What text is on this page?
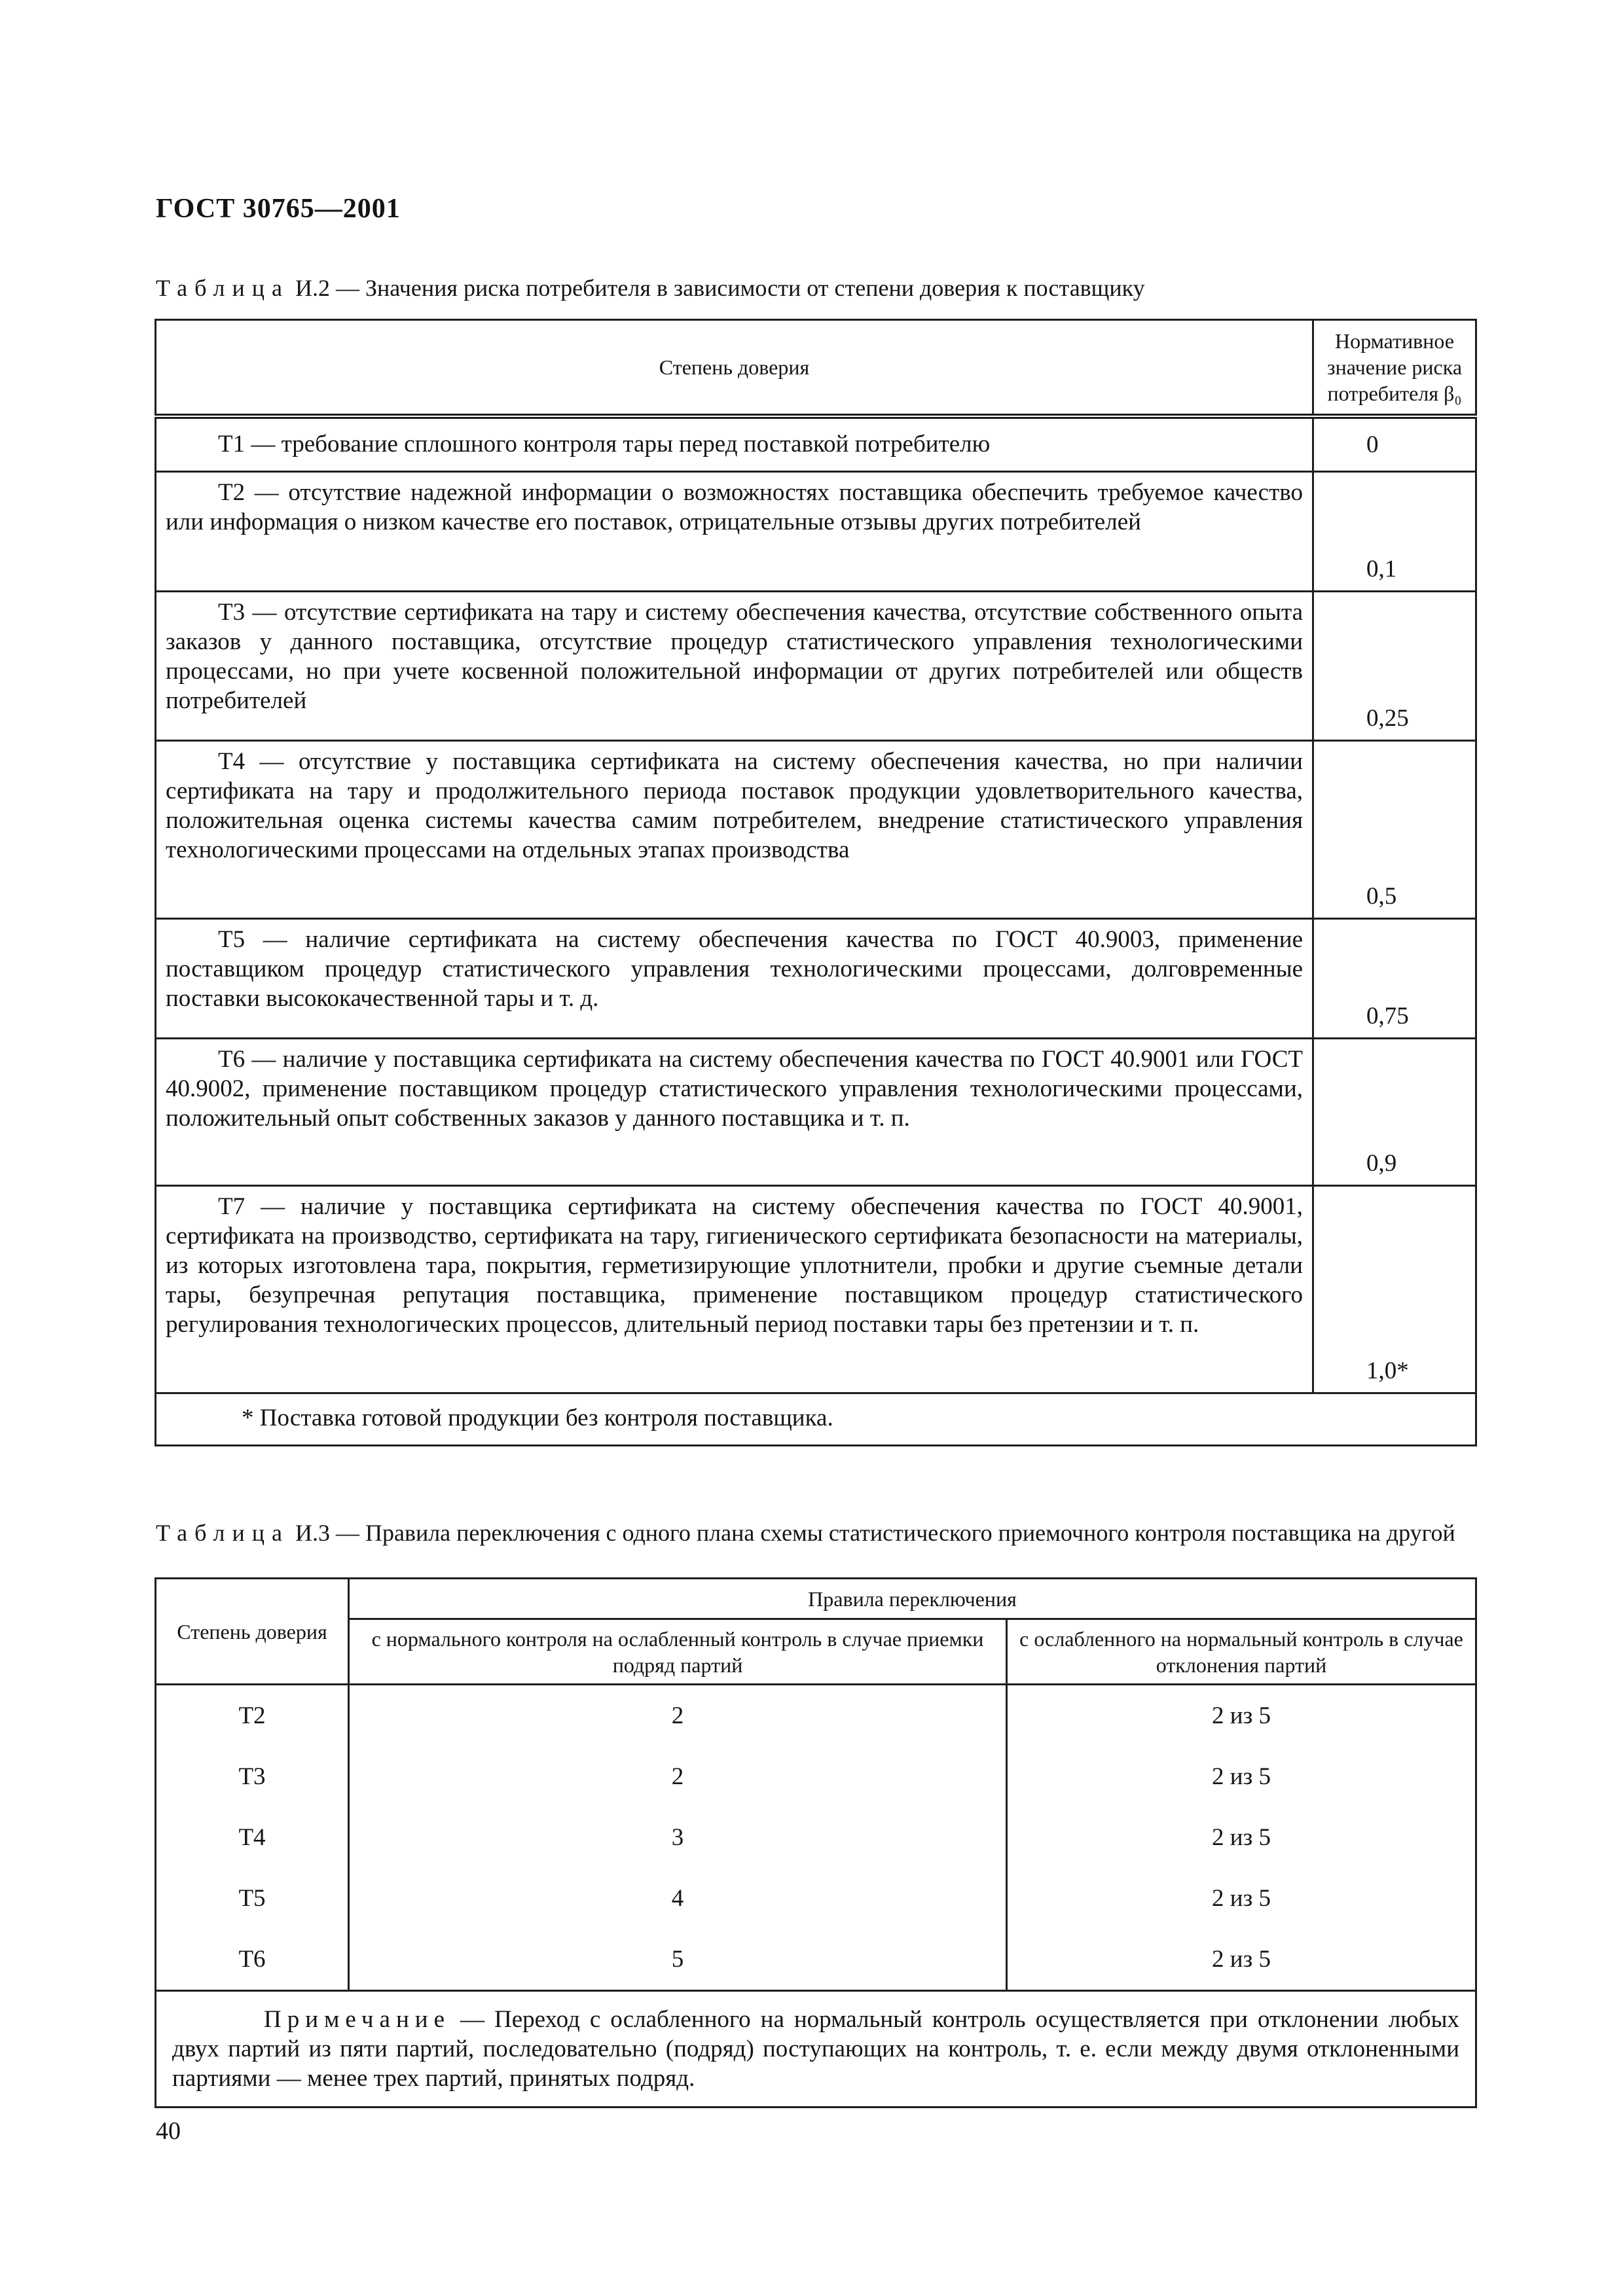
ГОСТ 30765—2001
Таблица И.2 — Значения риска потребителя в зависимости от степени доверия к поставщику
Степень доверия	Нормативное значение риска потребителя β₀
Т1 — требование сплошного контроля тары перед поставкой потребителю	0
Т2 — отсутствие надежной информации о возможностях поставщика обеспечить требуемое качество или информация о низком качестве его поставок, отрицательные отзывы других потребителей	0,1
Т3 — отсутствие сертификата на тару и систему обеспечения качества, отсутствие собственного опыта заказов у данного поставщика, отсутствие процедур статистического управления технологическими процессами, но при учете косвенной положительной информации от других потребителей или обществ потребителей	0,25
Т4 — отсутствие у поставщика сертификата на систему обеспечения качества, но при наличии сертификата на тару и продолжительного периода поставок продукции удовлетворительного качества, положительная оценка системы качества самим потребителем, внедрение статистического управления технологическими процессами на отдельных этапах производства	0,5
Т5 — наличие сертификата на систему обеспечения качества по ГОСТ 40.9003, применение поставщиком процедур статистического управления технологическими процессами, долговременные поставки высококачественной тары и т. д.	0,75
Т6 — наличие у поставщика сертификата на систему обеспечения качества по ГОСТ 40.9001 или ГОСТ 40.9002, применение поставщиком процедур статистического управления технологическими процессами, положительный опыт собственных заказов у данного поставщика и т. п.	0,9
Т7 — наличие у поставщика сертификата на систему обеспечения качества по ГОСТ 40.9001, сертификата на производство, сертификата на тару, гигиенического сертификата безопасности на материалы, из которых изготовлена тара, покрытия, герметизирующие уплотнители, пробки и другие съемные детали тары, безупречная репутация поставщика, применение поставщиком процедур статистического регулирования технологических процессов, длительный период поставки тары без претензии и т. п.	1,0*
* Поставка готовой продукции без контроля поставщика.	
Таблица И.3 — Правила переключения с одного плана схемы статистического приемочного контроля поставщика на другой
Степень доверия	Правила переключения	
	с нормального контроля на ослабленный контроль в случае приемки подряд партий	с ослабленного на нормальный контроль в случае отклонения партий
Т2	2	2 из 5
Т3	2	2 из 5
Т4	3	2 из 5
Т5	4	2 из 5
Т6	5	2 из 5
Примечание — Переход с ослабленного на нормальный контроль осуществляется при отклонении любых двух партий из пяти партий, последовательно (подряд) поступающих на контроль, т. е. если между двумя отклоненными партиями — менее трех партий, принятых подряд.		
40
